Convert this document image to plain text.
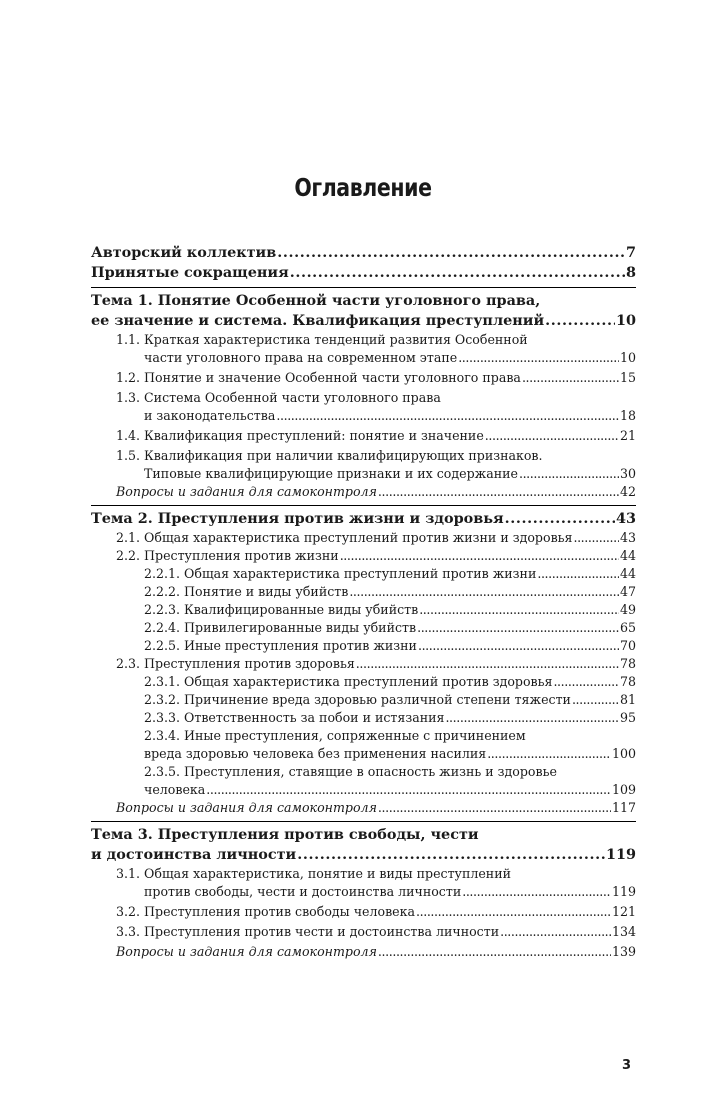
Оглавление
Авторский коллектив . . .	7
Принятые сокращения . . .	8
Тема 1. Понятие Особенной части уголовного права,
ее значение и система. Квалификация преступлений . . .	10
1.1. Краткая характеристика тенденций развития Особенной
части уголовного права на современном этапе . . .	10
1.2. Понятие и значение Особенной части уголовного права . . .	15
1.3. Система Особенной части уголовного права
и законодательства . . .	18
1.4. Квалификация преступлений: понятие и значение . . .	21
1.5. Квалификация при наличии квалифицирующих признаков.
Типовые квалифицирующие признаки и их содержание . . .	30
Вопросы и задания для самоконтроля . . .	42
Тема 2. Преступления против жизни и здоровья . . .	43
2.1. Общая характеристика преступлений против жизни и здоровья . . .	43
2.2. Преступления против жизни . . .	44
2.2.1. Общая характеристика преступлений против жизни . . .	44
2.2.2. Понятие и виды убийств . . .	47
2.2.3. Квалифицированные виды убийств . . .	49
2.2.4. Привилегированные виды убийств . . .	65
2.2.5. Иные преступления против жизни . . .	70
2.3. Преступления против здоровья . . .	78
2.3.1. Общая характеристика преступлений против здоровья . . .	78
2.3.2. Причинение вреда здоровью различной степени тяжести . . .	81
2.3.3. Ответственность за побои и истязания . . .	95
2.3.4. Иные преступления, сопряженные с причинением
вреда здоровью человека без применения насилия . . .	100
2.3.5. Преступления, ставящие в опасность жизнь и здоровье
человека . . .	109
Вопросы и задания для самоконтроля . . .	117
Тема 3. Преступления против свободы, чести
и достоинства личности . . .	119
3.1. Общая характеристика, понятие и виды преступлений
против свободы, чести и достоинства личности . . .	119
3.2. Преступления против свободы человека . . .	121
3.3. Преступления против чести и достоинства личности . . .	134
Вопросы и задания для самоконтроля . . .	139
3
